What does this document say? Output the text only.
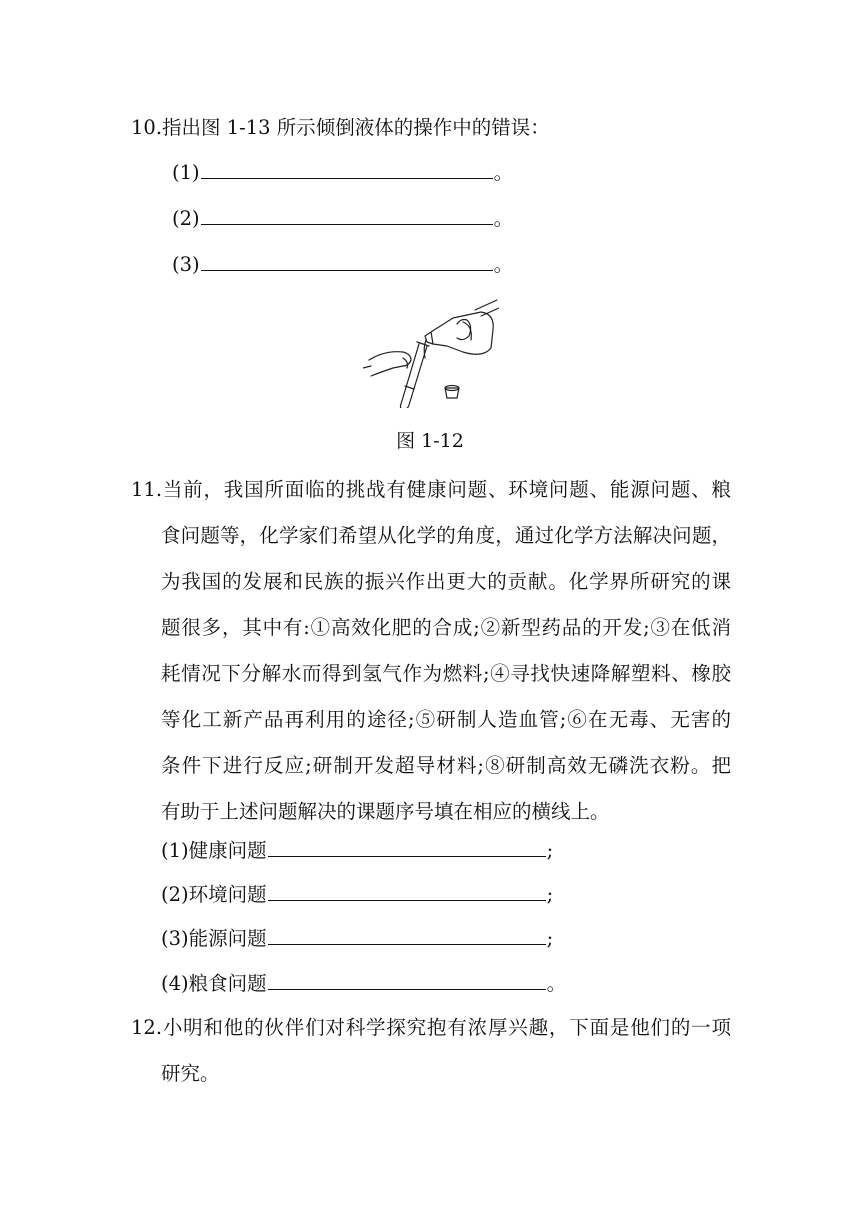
10.指出图 1-13 所示倾倒液体的操作中的错误：
(1)	。
(2)	。
(3)	。
图 1-12
11.当前，我国所面临的挑战有健康问题、环境问题、能源问题、粮
食问题等，化学家们希望从化学的角度，通过化学方法解决问题，
为我国的发展和民族的振兴作出更大的贡献。化学界所研究的课
题很多，其中有:①高效化肥的合成;②新型药品的开发;③在低消
耗情况下分解水而得到氢气作为燃料;④寻找快速降解塑料、橡胶
等化工新产品再利用的途径;⑤研制人造血管;⑥在无毒、无害的
条件下进行反应;研制开发超导材料;⑧研制高效无磷洗衣粉。把
有助于上述问题解决的课题序号填在相应的横线上。
(1)健康问题	;
(2)环境问题	;
(3)能源问题	;
(4)粮食问题	。
12.小明和他的伙伴们对科学探究抱有浓厚兴趣，下面是他们的一项
研究。
